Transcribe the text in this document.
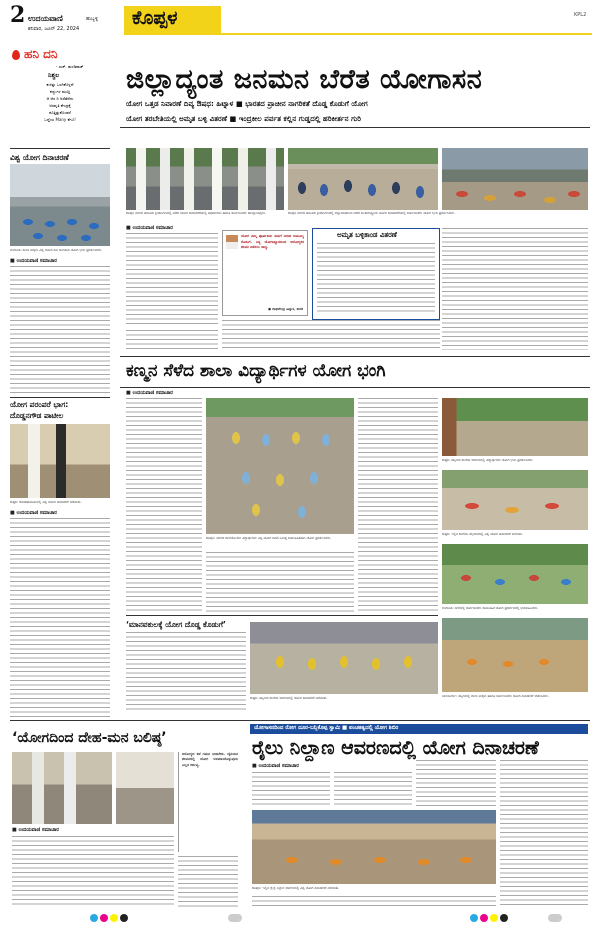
2 ಉದಯವಾಣಿ	ಹುಬ್ಬಳ್ಳಿ
ಶನಿವಾರ, ಜೂನ್ 22, 2024	ಕೊಪ್ಪಳ	KPL2
ಹನಿ ದನಿ
- ಎಚ್. ಡುಂಡಿರಾಜ್
ನಿಶ್ಚಲ
ಕುಳಿತ್ತು ಒರಗಿಕೊಳ್ಳದೆ
ಕಣ್ಣುಗಳ ಮುಚ್ಚಿ
ಆ ಆಸ ನಿ ಅರೆತೆರೆದು
ಅರವೃತಿ ಕೇಂದ್ರಕ್ಕೆ
ಕೂತ್ತಿತ್ತುಕೊಂಡರೆ
ಒದ್ದೆಯ Many ಕೆಗೂ!
ವಿಶ್ವ ಯೋಗ ದಿನಾಚರಣೆ
ಗಂಗಾವತಿ: ಶಾಲಾ ಮಕ್ಕಳು ವಿಶ್ವ ಯೋಗ ದಿನ ಅಂಗವಾಗಿ ಯೋಗ ಭಂಗಿ ಪ್ರದರ್ಶಿಸಿದರು.
■ ಉದಯವಾಣಿ ಸಮಾಚಾರ
ಜಿಲ್ಲಾದ್ಯಂತ ಜನಮನ ಬೆರೆತ ಯೋಗಾಸನ
ಯೋಗ ಒತ್ತಡ ನಿವಾರಣೆ ದಿವ್ಯ ಔಷಧ: ಹಿಟ್ನಾಳ ■ ಭಾರತದ ಪ್ರಾಚೀನ ನಾಗರಿಕತೆ ದೊಡ್ಡ ಕೊಡುಗೆ ಯೋಗ
ಯೋಗ ತರಬೇತಿಯಲ್ಲಿ ಅಮೃತ ಬಳ್ಳಿ ವಿತರಣೆ ■ ಇಂದ್ರಕೀಲ ಪರ್ವತ ಕಲ್ಲಿನ ಗುಡ್ಡದಲ್ಲಿ ಹರಿಕೀರ್ತನ ಗುರಿ
ಕೊಪ್ಪಳ ನಗರದ ತಾಲೂಕು ಕ್ರೀಡಾಂಗಣದಲ್ಲಿ ನಡೆದ ಯೋಗ ದಿನಾಚರಣೆಯಲ್ಲಿ ಅಧಿಕಾರಿಗಳು ಹಾಗೂ ಸಾರ್ವಜನಿಕರು ಪಾಲ್ಗೊಂಡಿದ್ದರು.	ಕೊಪ್ಪಳ ನಗರದ ತಾಲೂಕು ಕ್ರೀಡಾಂಗಣದಲ್ಲಿ ಜಿಲ್ಲಾಡಳಿತದಿಂದ ನಡೆದ ಅಂತಾರಾಷ್ಟ್ರೀಯ ಯೋಗ ದಿನಾಚರಣೆಯಲ್ಲಿ ಸಾರ್ವಜನಿಕರು ಯೋಗ ಭಂಗಿ ಪ್ರದರ್ಶಿಸಿದರು.
■ ಉದಯವಾಣಿ ಸಮಾಚಾರ
ಯೋಗ ನಮ್ಮ ಪೂರ್ವಜರು ನಮಗೆ ನೀಡಿದ ಅಮೂಲ್ಯ ಕೊಡುಗೆ. ನಿತ್ಯ ಯೋಗಾಭ್ಯಾಸದಿಂದ ಆರೋಗ್ಯಕರ ಜೀವನ ನಡೆಸಲು ಸಾಧ್ಯ.
● ರಾಘವೇಂದ್ರ ಹಿಟ್ನಾಳ, ಶಾಸಕ
ಅಮೃತ ಬಳ್ಳಿಕಾಂಡ ವಿತರಣೆ
ಕಣ್ಮನ ಸೆಳೆದ ಶಾಲಾ ವಿದ್ಯಾರ್ಥಿಗಳ ಯೋಗ ಭಂಗಿ
ಯೋಗ ಪರಂಪರೆ ಭಾಗ:
ದೊಡ್ಡನಗೌಡ ಪಾಟೀಲ
ಕುಷ್ಟಗಿ: ಕೋಟೆಹೊಸೂರಿನಲ್ಲಿ ವಿಶ್ವ ಯೋಗ ದಿನಾಚರಣೆ ನಡೆಯಿತು.
■ ಉದಯವಾಣಿ ಸಮಾಚಾರ
■ ಉದಯವಾಣಿ ಸಮಾಚಾರ
ಕೊಪ್ಪಳ: ನಗರದ ಶಾಲೆಯೊಂದರ ವಿದ್ಯಾರ್ಥಿಗಳು ವಿಶ್ವ ಯೋಗ ದಿನದ ನಿಮಿತ್ತ ಸಾಮೂಹಿಕವಾಗಿ ಯೋಗ ಪ್ರದರ್ಶಿಸಿದರು.
ಕುಷ್ಟಗಿ: ಪಟ್ಟಣದ ಶಾಲೆಯ ಆವರಣದಲ್ಲಿ ವಿದ್ಯಾರ್ಥಿಗಳು ಯೋಗ ಭಂಗಿ ಪ್ರದರ್ಶಿಸಿದರು.
ಕುಷ್ಟಗಿ: ಇಲ್ಲಿನ ಕಾಲೇಜು ಮೈದಾನದಲ್ಲಿ ವಿಶ್ವ ಯೋಗ ದಿನಾಚರಣೆ ಜರುಗಿತು.
ಗಂಗಾವತಿ: ನಗರದಲ್ಲಿ ಸಾರ್ವಜನಿಕರು ಸಾಮೂಹಿಕ ಯೋಗ ಪ್ರದರ್ಶನದಲ್ಲಿ ಭಾಗವಹಿಸಿದರು.
ಯಲಬುರ್ಗಾ: ಪಟ್ಟಣದಲ್ಲಿ ಶಾಲಾ ಮಕ್ಕಳು ಹಾಗೂ ಸಾರ್ವಜನಿಕರು ಯೋಗ ದಿನಾಚರಣೆ ಆಚರಿಸಿದರು.
‘ಮಾನವಕುಲಕ್ಕೆ ಯೋಗ ದೊಡ್ಡ ಕೊಡುಗೆ’
ಕುಷ್ಟಗಿ: ಪಟ್ಟಣದ ಶಾಲೆಯ ಆವರಣದಲ್ಲಿ ಯೋಗ ದಿನಾಚರಣೆ ನಡೆಯಿತು.
‘ಯೋಗದಿಂದ ದೇಹ-ಮನ ಬಲಿಷ್ಠ’
ಆರೋಗ್ಯದ ಕಡೆ ಗಮನ ನೀಡಬೇಕು. ದೈನಂದಿನ ಜೀವನದಲ್ಲಿ ಯೋಗ ಅಳವಡಿಸಿಕೊಳ್ಳುವುದು ಎಲ್ಲರ ಕರ್ತವ್ಯ.
■ ಉದಯವಾಣಿ ಸಮಾಚಾರ
ಯೋಗಾಸನದಿಂದ ರೋಗ ದೂರ-ಬನ್ನಿಕೊಪ್ಪ ಸ್ವಾಮಿ ■ ಪಂಚತತ್ವದಲ್ಲಿ ಯೋಗ ಶಿಬಿರ
ರೈಲು ನಿಲ್ದಾಣ ಆವರಣದಲ್ಲಿ ಯೋಗ ದಿನಾಚರಣೆ
■ ಉದಯವಾಣಿ ಸಮಾಚಾರ
ಕೊಪ್ಪಳ: ಇಲ್ಲಿನ ರೈಲ್ವೆ ನಿಲ್ದಾಣ ಆವರಣದಲ್ಲಿ ವಿಶ್ವ ಯೋಗ ದಿನಾಚರಣೆ ನಡೆಯಿತು.
